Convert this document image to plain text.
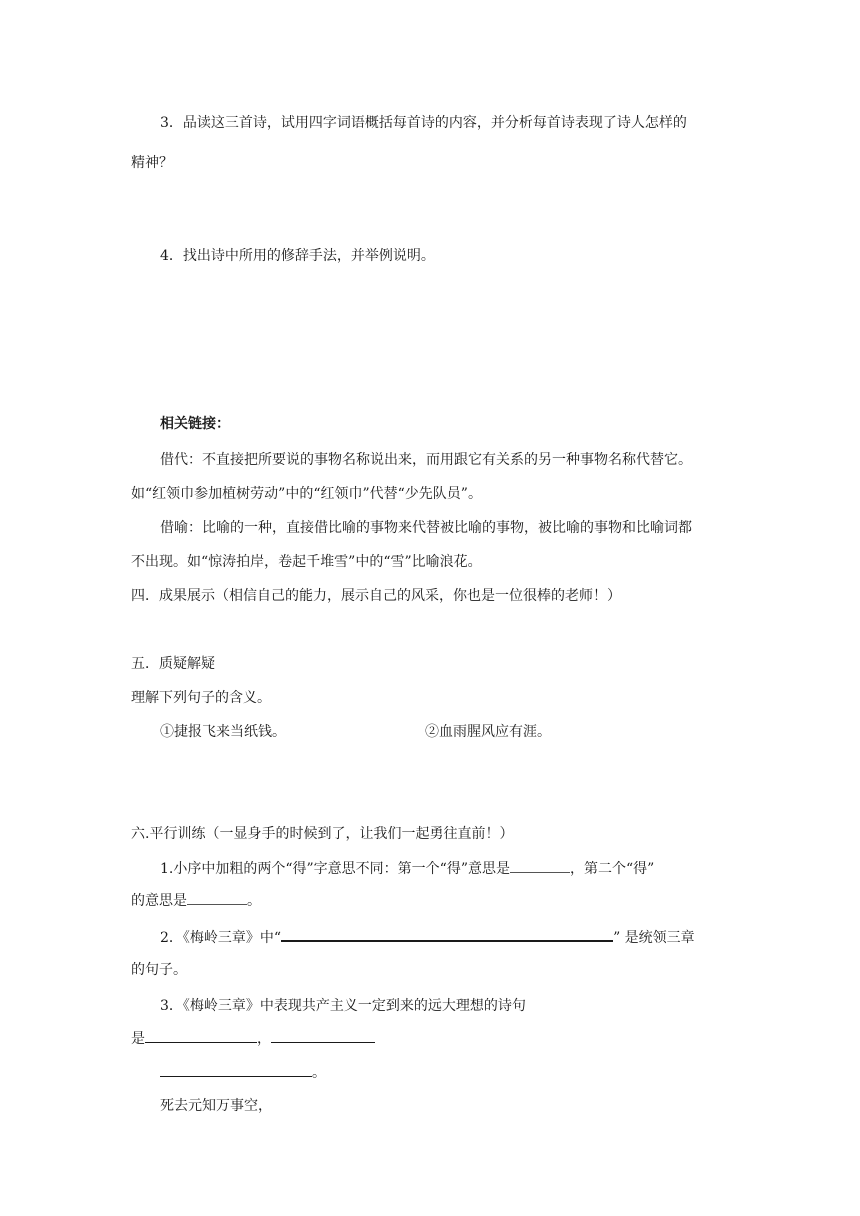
3．品读这三首诗，试用四字词语概括每首诗的内容，并分析每首诗表现了诗人怎样的
精神？
4．找出诗中所用的修辞手法，并举例说明。
相关链接：
借代：不直接把所要说的事物名称说出来，而用跟它有关系的另一种事物名称代替它。
如“红领巾参加植树劳动”中的“红领巾”代替“少先队员”。
借喻：比喻的一种，直接借比喻的事物来代替被比喻的事物，被比喻的事物和比喻词都
不出现。如“惊涛拍岸，卷起千堆雪”中的“雪”比喻浪花。
四．成果展示（相信自己的能力，展示自己的风采，你也是一位很棒的老师！）
五．质疑解疑
理解下列句子的含义。
①捷报飞来当纸钱。	②血雨腥风应有涯。
六.平行训练（一显身手的时候到了，让我们一起勇往直前！）
1.小序中加粗的两个“得”字意思不同：第一个“得”意思是	，第二个“得”
的意思是	。
2．《梅岭三章》中“	” 是统领三章
的句子。
3．《梅岭三章》中表现共产主义一定到来的远大理想的诗句
是	，
。
死去元知万事空，
